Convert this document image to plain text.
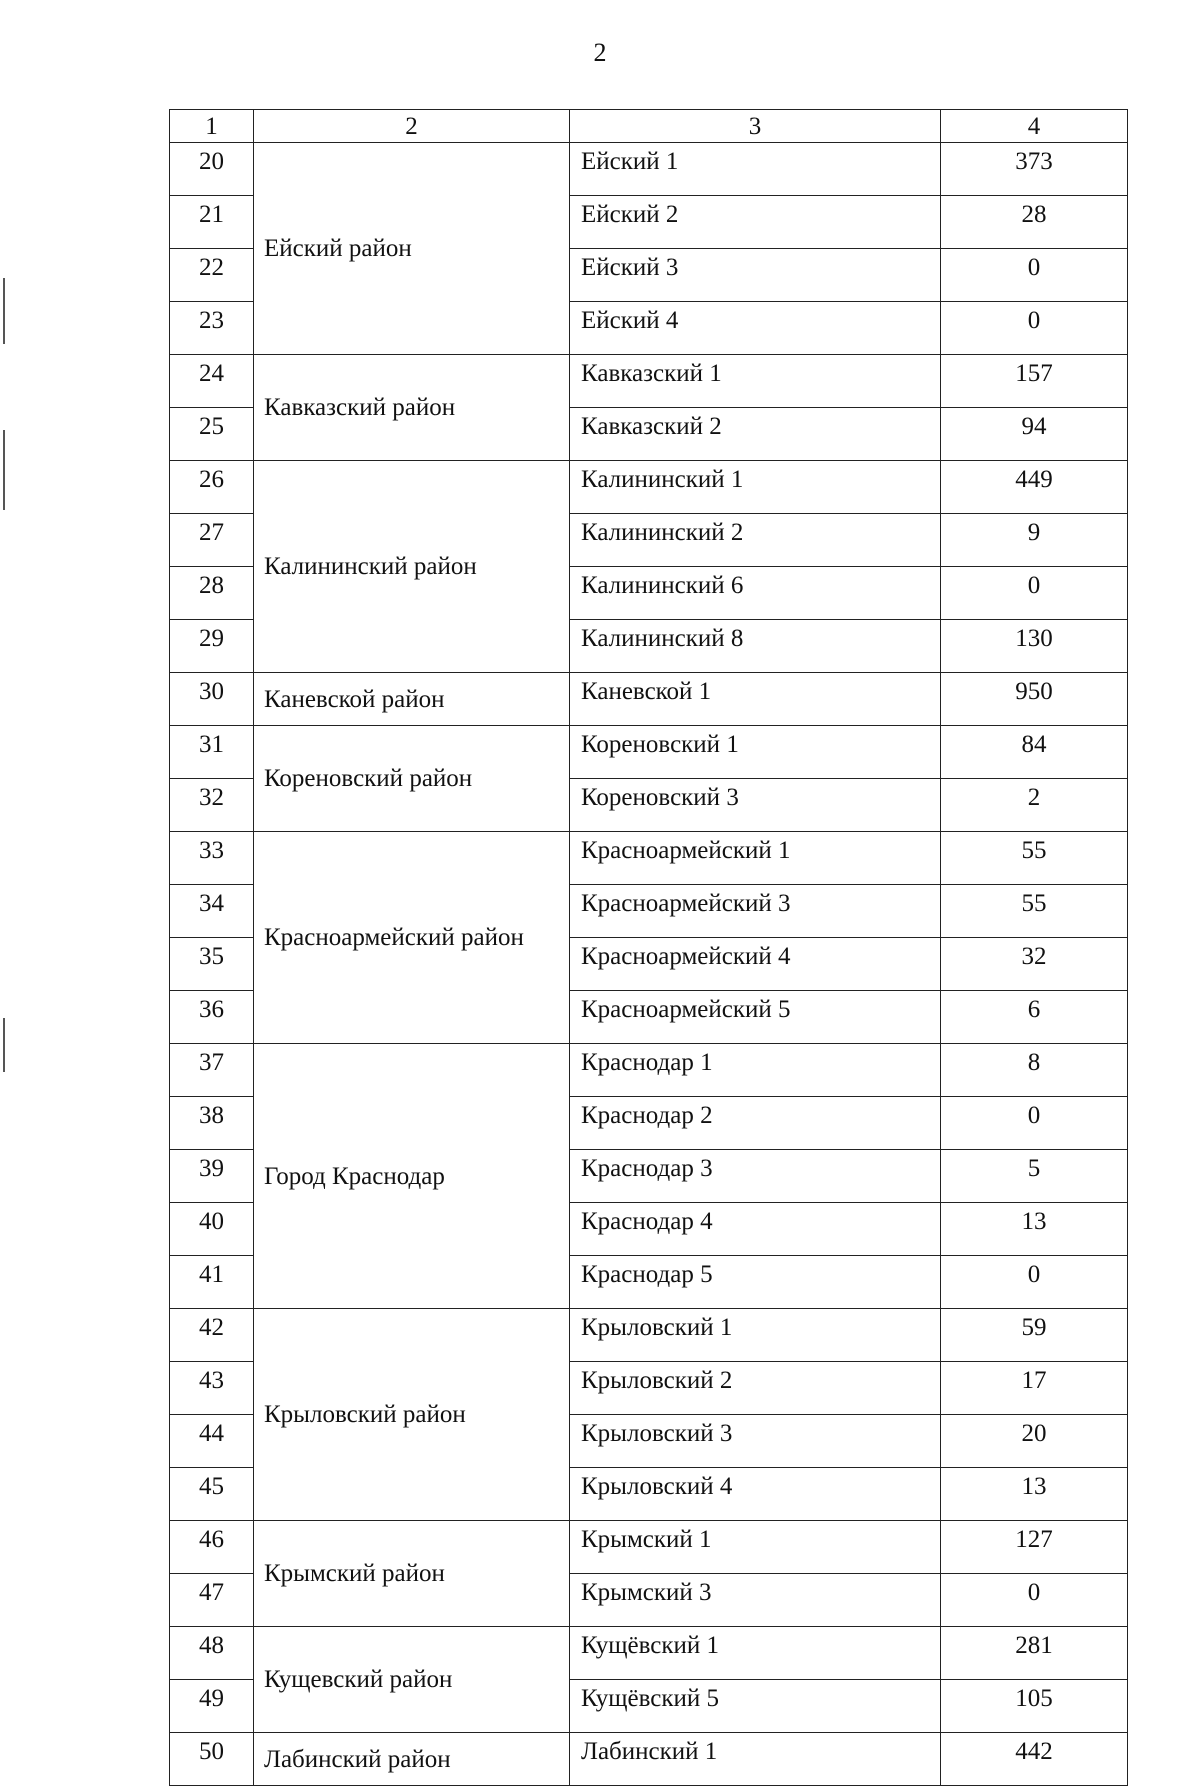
2
1	2	3	4
20	Ейский район	Ейский 1	373
21		Ейский 2	28
22		Ейский 3	0
23		Ейский 4	0
24	Кавказский район	Кавказский 1	157
25		Кавказский 2	94
26	Калининский район	Калининский 1	449
27		Калининский 2	9
28		Калининский 6	0
29		Калининский 8	130
30	Каневской район	Каневской 1	950
31	Кореновский район	Кореновский 1	84
32		Кореновский 3	2
33	Красноармейский район	Красноармейский 1	55
34		Красноармейский 3	55
35		Красноармейский 4	32
36		Красноармейский 5	6
37	Город Краснодар	Краснодар 1	8
38		Краснодар 2	0
39		Краснодар 3	5
40		Краснодар 4	13
41		Краснодар 5	0
42	Крыловский район	Крыловский 1	59
43		Крыловский 2	17
44		Крыловский 3	20
45		Крыловский 4	13
46	Крымский район	Крымский 1	127
47		Крымский 3	0
48	Кущевский район	Кущёвский 1	281
49		Кущёвский 5	105
50	Лабинский район	Лабинский 1	442
